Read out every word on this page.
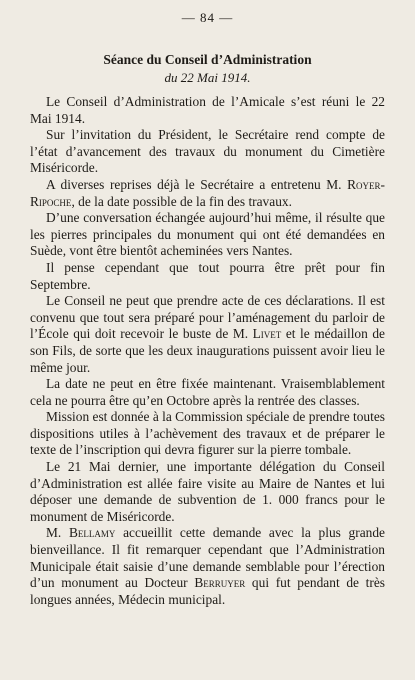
— 84 —
Séance du Conseil d’Administration
du 22 Mai 1914.

Le Conseil d’Administration de l’Amicale s’est réuni le 22 Mai 1914.

Sur l’invitation du Président, le Secrétaire rend compte de l’état d’avancement des travaux du monument du Cimetière Miséricorde.

A diverses reprises déjà le Secrétaire a entretenu M. Royer-Ripoche, de la date possible de la fin des travaux.

D’une conversation échangée aujourd’hui même, il résulte que les pierres principales du monument qui ont été demandées en Suède, vont être bientôt acheminées vers Nantes.

Il pense cependant que tout pourra être prêt pour fin Septembre.

Le Conseil ne peut que prendre acte de ces déclarations. Il est convenu que tout sera préparé pour l’aménagement du parloir de l’École qui doit recevoir le buste de M. Livet et le médaillon de son Fils, de sorte que les deux inaugurations puissent avoir lieu le même jour.

La date ne peut en être fixée maintenant. Vraisemblablement cela ne pourra être qu’en Octobre après la rentrée des classes.

Mission est donnée à la Commission spéciale de prendre toutes dispositions utiles à l’achèvement des travaux et de préparer le texte de l’inscription qui devra figurer sur la pierre tombale.

Le 21 Mai dernier, une importante délégation du Conseil d’Administration est allée faire visite au Maire de Nantes et lui déposer une demande de subvention de 1. 000 francs pour le monument de Miséricorde.

M. Bellamy accueillit cette demande avec la plus grande bienveillance. Il fit remarquer cependant que l’Administration Municipale était saisie d’une demande semblable pour l’érection d’un monument au Docteur Berruyer qui fut pendant de très longues années, Médecin municipal.
